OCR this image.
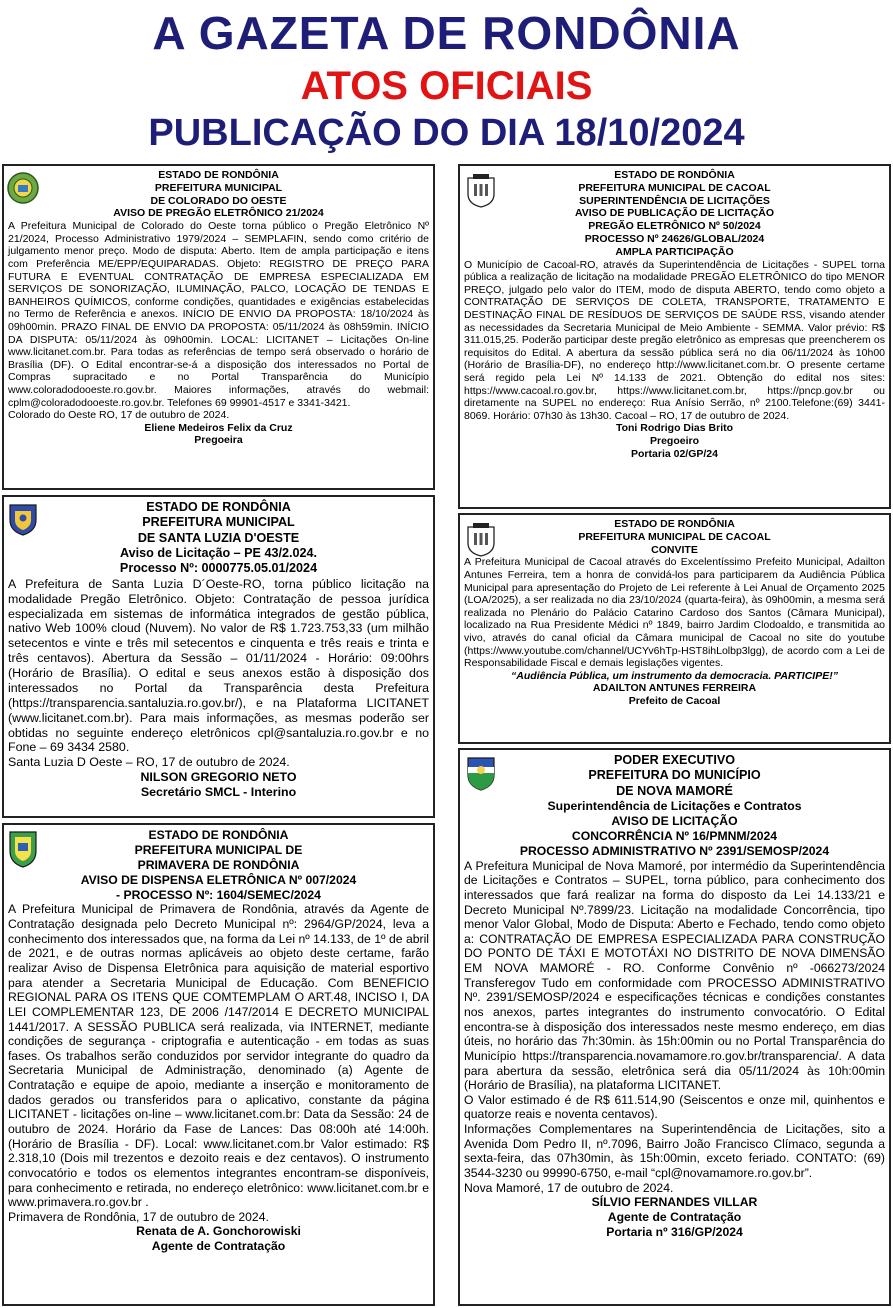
A GAZETA DE RONDÔNIA
ATOS OFICIAIS
PUBLICAÇÃO DO DIA 18/10/2024
ESTADO DE RONDÔNIA
PREFEITURA MUNICIPAL
DE COLORADO DO OESTE
AVISO DE PREGÃO ELETRÔNICO 21/2024
A Prefeitura Municipal de Colorado do Oeste torna público o Pregão Eletrônico Nº 21/2024, Processo Administrativo 1979/2024 – SEMPLAFIN, sendo como critério de julgamento menor preço. Modo de disputa: Aberto. Item de ampla participação e itens com Preferência ME/EPP/EQUIPARADAS. Objeto: REGISTRO DE PREÇO PARA FUTURA E EVENTUAL CONTRATAÇÃO DE EMPRESA ESPECIALIZADA EM SERVIÇOS DE SONORIZAÇÃO, ILUMINAÇÃO, PALCO, LOCAÇÃO DE TENDAS E BANHEIROS QUÍMICOS, conforme condições, quantidades e exigências estabelecidas no Termo de Referência e anexos. INÍCIO DE ENVIO DA PROPOSTA: 18/10/2024 às 09h00min. PRAZO FINAL DE ENVIO DA PROPOSTA: 05/11/2024 às 08h59min. INÍCIO DA DISPUTA: 05/11/2024 às 09h00min. LOCAL: LICITANET – Licitações On-line www.licitanet.com.br. Para todas as referências de tempo será observado o horário de Brasília (DF). O Edital encontrar-se-á a disposição dos interessados no Portal de Compras supracitado e no Portal Transparência do Município www.coloradodooeste.ro.gov.br. Maiores informações, através do webmail: cplm@coloradodooeste.ro.gov.br. Telefones 69 99901-4517 e 3341-3421.
Colorado do Oeste RO, 17 de outubro de 2024.
Eliene Medeiros Felix da Cruz
Pregoeira
ESTADO DE RONDÔNIA
PREFEITURA MUNICIPAL
DE SANTA LUZIA D'OESTE
Aviso de Licitação – PE 43/2.024.
Processo Nº: 0000775.05.01/2024
A Prefeitura de Santa Luzia D´Oeste-RO, torna público licitação na modalidade Pregão Eletrônico. Objeto: Contratação de pessoa jurídica especializada em sistemas de informática integrados de gestão pública, nativo Web 100% cloud (Nuvem). No valor de R$ 1.723.753,33 (um milhão setecentos e vinte e três mil setecentos e cinquenta e três reais e trinta e três centavos). Abertura da Sessão – 01/11/2024 - Horário: 09:00hrs (Horário de Brasília). O edital e seus anexos estão à disposição dos interessados no Portal da Transparência desta Prefeitura (https://transparencia.santaluzia.ro.gov.br/), e na Plataforma LICITANET (www.licitanet.com.br). Para mais informações, as mesmas poderão ser obtidas no seguinte endereço eletrônicos cpl@santaluzia.ro.gov.br e no Fone – 69 3434 2580.
Santa Luzia D Oeste – RO, 17 de outubro de 2024.
NILSON GREGORIO NETO
Secretário SMCL - Interino
ESTADO DE RONDÔNIA
PREFEITURA MUNICIPAL DE
PRIMAVERA DE RONDÔNIA
AVISO DE DISPENSA ELETRÔNICA Nº 007/2024
- PROCESSO Nº: 1604/SEMEC/2024
A Prefeitura Municipal de Primavera de Rondônia, através da Agente de Contratação designada pelo Decreto Municipal nº: 2964/GP/2024, leva a conhecimento dos interessados que, na forma da Lei nº 14.133, de 1º de abril de 2021, e de outras normas aplicáveis ao objeto deste certame, farão realizar Aviso de Dispensa Eletrônica para aquisição de material esportivo para atender a Secretaria Municipal de Educação. Com BENEFICIO REGIONAL PARA OS ITENS QUE COMTEMPLAM O ART.48, INCISO I, DA LEI COMPLEMENTAR 123, DE 2006 /147/2014 E DECRETO MUNICIPAL 1441/2017. A SESSÃO PUBLICA será realizada, via INTERNET, mediante condições de segurança - criptografia e autenticação - em todas as suas fases. Os trabalhos serão conduzidos por servidor integrante do quadro da Secretaria Municipal de Administração, denominado (a) Agente de Contratação e equipe de apoio, mediante a inserção e monitoramento de dados gerados ou transferidos para o aplicativo, constante da página LICITANET - licitações on-line – www.licitanet.com.br: Data da Sessão: 24 de outubro de 2024. Horário da Fase de Lances: Das 08:00h até 14:00h. (Horário de Brasília - DF). Local: www.licitanet.com.br Valor estimado: R$ 2.318,10 (Dois mil trezentos e dezoito reais e dez centavos). O instrumento convocatório e todos os elementos integrantes encontram-se disponíveis, para conhecimento e retirada, no endereço eletrônico: www.licitanet.com.br e www.primavera.ro.gov.br .
Primavera de Rondônia, 17 de outubro de 2024.
Renata de A. Gonchorowiski
Agente de Contratação
ESTADO DE RONDÔNIA
PREFEITURA MUNICIPAL DE CACOAL
SUPERINTENDÊNCIA DE LICITAÇÕES
AVISO DE PUBLICAÇÃO DE LICITAÇÃO
PREGÃO ELETRÔNICO Nº 50/2024
PROCESSO Nº 24626/GLOBAL/2024
AMPLA PARTICIPAÇÃO
O Município de Cacoal-RO, através da Superintendência de Licitações - SUPEL torna pública a realização de licitação na modalidade PREGÃO ELETRÔNICO do tipo MENOR PREÇO, julgado pelo valor do ITEM, modo de disputa ABERTO, tendo como objeto a CONTRATAÇÃO DE SERVIÇOS DE COLETA, TRANSPORTE, TRATAMENTO E DESTINAÇÃO FINAL DE RESÍDUOS DE SERVIÇOS DE SAÚDE RSS, visando atender as necessidades da Secretaria Municipal de Meio Ambiente - SEMMA. Valor prévio: R$ 311.015,25. Poderão participar deste pregão eletrônico as empresas que preencherem os requisitos do Edital. A abertura da sessão pública será no dia 06/11/2024 às 10h00 (Horário de Brasília-DF), no endereço http://www.licitanet.com.br. O presente certame será regido pela Lei Nº 14.133 de 2021. Obtenção do edital nos sites: https://www.cacoal.ro.gov.br, https://www.licitanet.com.br, https://pncp.gov.br ou diretamente na SUPEL no endereço: Rua Anísio Serrão, nº 2100.Telefone:(69) 3441-8069. Horário: 07h30 às 13h30. Cacoal – RO, 17 de outubro de 2024.
Toni Rodrigo Dias Brito
Pregoeiro
Portaria 02/GP/24
ESTADO DE RONDÔNIA
PREFEITURA MUNICIPAL DE CACOAL
CONVITE
A Prefeitura Municipal de Cacoal através do Excelentíssimo Prefeito Municipal, Adailton Antunes Ferreira, tem a honra de convidá-los para participarem da Audiência Pública Municipal para apresentação do Projeto de Lei referente à Lei Anual de Orçamento 2025 (LOA/2025), a ser realizada no dia 23/10/2024 (quarta-feira), às 09h00min, a mesma será realizada no Plenário do Palácio Catarino Cardoso dos Santos (Câmara Municipal), localizado na Rua Presidente Médici nº 1849, bairro Jardim Clodoaldo, e transmitida ao vivo, através do canal oficial da Câmara municipal de Cacoal no site do youtube (https://www.youtube.com/channel/UCYv6hTp-HST8ihLolbp3lgg), de acordo com a Lei de Responsabilidade Fiscal e demais legislações vigentes.
“Audiência Pública, um instrumento da democracia. PARTICIPE!”
ADAILTON ANTUNES FERREIRA
Prefeito de Cacoal
PODER EXECUTIVO
PREFEITURA DO MUNICÍPIO
DE NOVA MAMORÉ
Superintendência de Licitações e Contratos
AVISO DE LICITAÇÃO
CONCORRÊNCIA Nº 16/PMNM/2024
PROCESSO ADMINISTRATIVO Nº 2391/SEMOSP/2024
A Prefeitura Municipal de Nova Mamoré, por intermédio da Superintendência de Licitações e Contratos – SUPEL, torna público, para conhecimento dos interessados que fará realizar na forma do disposto da Lei 14.133/21 e Decreto Municipal Nº.7899/23. Licitação na modalidade Concorrência, tipo menor Valor Global, Modo de Disputa: Aberto e Fechado, tendo como objeto a: CONTRATAÇÃO DE EMPRESA ESPECIALIZADA PARA CONSTRUÇÃO DO PONTO DE TÁXI E MOTOTÁXI NO DISTRITO DE NOVA DIMENSÃO EM NOVA MAMORÉ - RO. Conforme Convênio nº -066273/2024 Transferegov Tudo em conformidade com PROCESSO ADMINISTRATIVO Nº. 2391/SEMOSP/2024 e especificações técnicas e condições constantes nos anexos, partes integrantes do instrumento convocatório. O Edital encontra-se à disposição dos interessados neste mesmo endereço, em dias úteis, no horário das 7h:30min. às 15h:00min ou no Portal Transparência do Município https://transparencia.novamamore.ro.gov.br/transparencia/. A data para abertura da sessão, eletrônica será dia 05/11/2024 às 10h:00min (Horário de Brasília), na plataforma LICITANET.
O Valor estimado é de R$ 611.514,90 (Seiscentos e onze mil, quinhentos e quatorze reais e noventa centavos).
Informações Complementares na Superintendência de Licitações, sito a Avenida Dom Pedro II, nº.7096, Bairro João Francisco Clímaco, segunda a sexta-feira, das 07h30min, às 15h:00min, exceto feriado. CONTATO: (69) 3544-3230 ou 99990-6750, e-mail “cpl@novamamore.ro.gov.br”.
Nova Mamoré, 17 de outubro de 2024.
SÍLVIO FERNANDES VILLAR
Agente de Contratação
Portaria nº 316/GP/2024
